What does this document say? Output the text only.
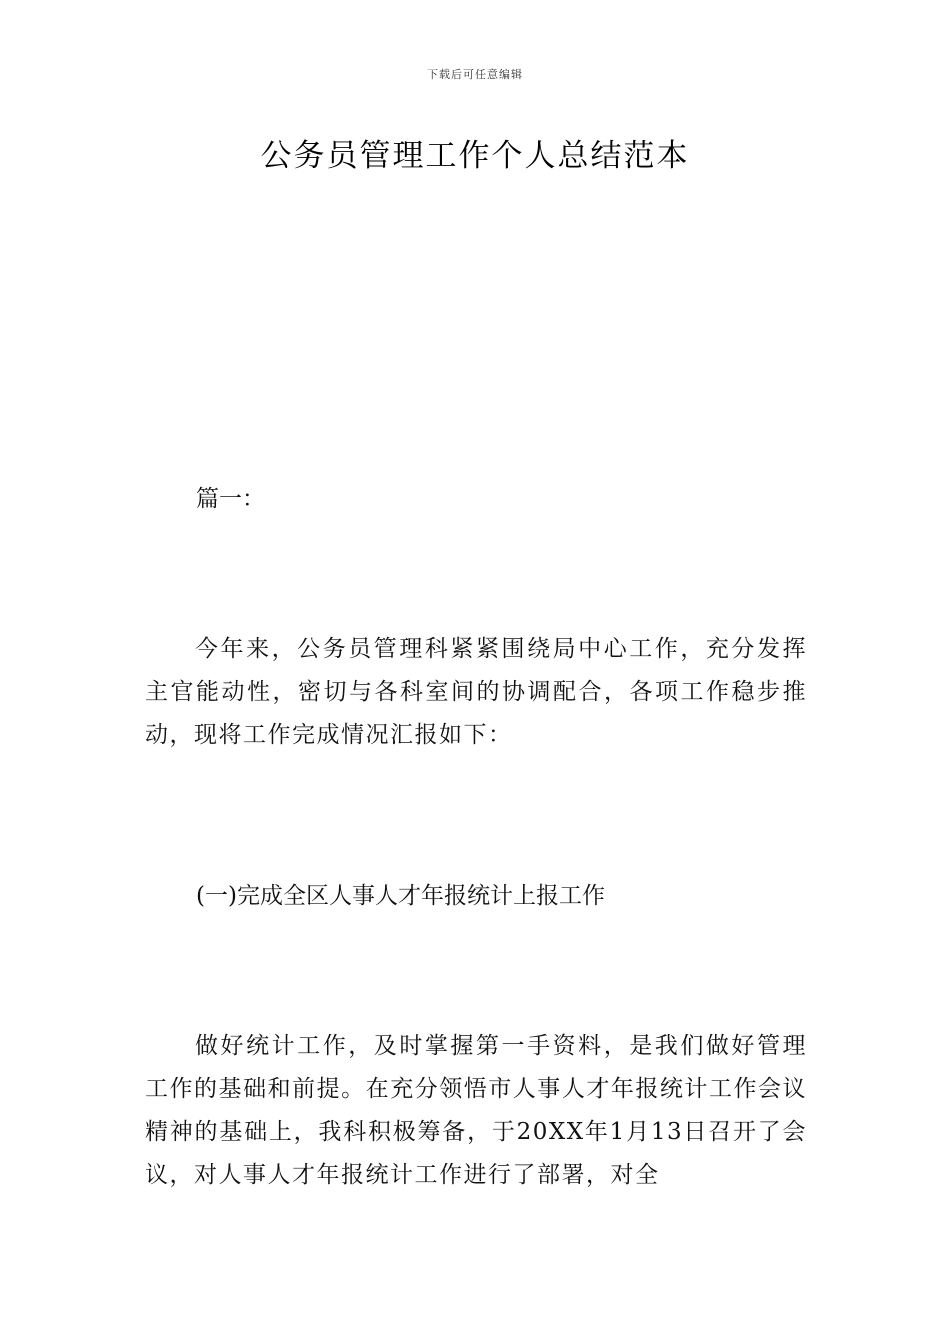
下载后可任意编辑
公务员管理工作个人总结范本
篇一：
今年来，公务员管理科紧紧围绕局中心工作，充分发挥主官能动性，密切与各科室间的协调配合，各项工作稳步推动，现将工作完成情况汇报如下：
(一)完成全区人事人才年报统计上报工作
做好统计工作，及时掌握第一手资料，是我们做好管理工作的基础和前提。在充分领悟市人事人才年报统计工作会议精神的基础上，我科积极筹备，于20XX年1月13日召开了会议，对人事人才年报统计工作进行了部署，对全
